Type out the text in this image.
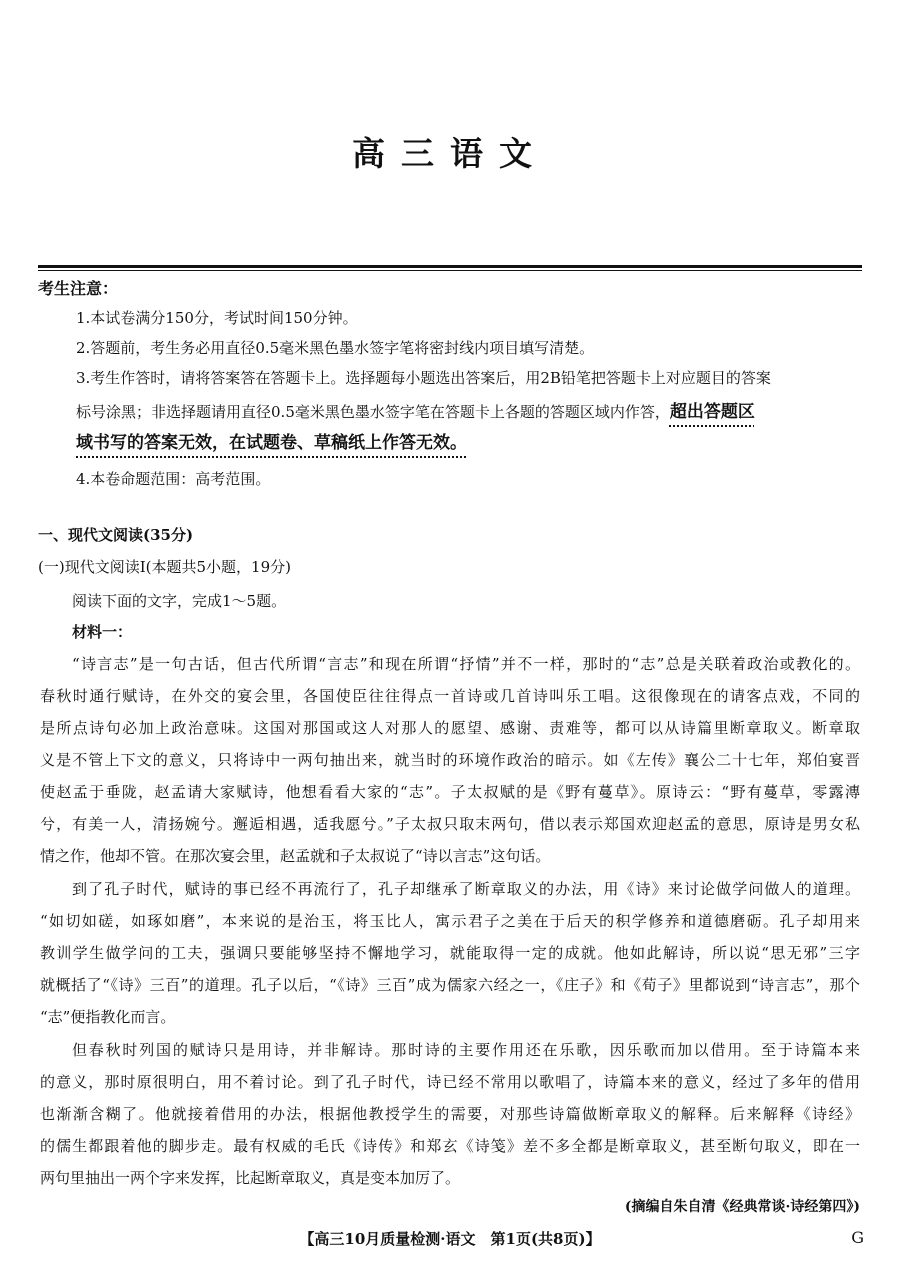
高三语文
考生注意：
1.本试卷满分150分，考试时间150分钟。
2.答题前，考生务必用直径0.5毫米黑色墨水签字笔将密封线内项目填写清楚。
3.考生作答时，请将答案答在答题卡上。选择题每小题选出答案后，用2B铅笔把答题卡上对应题目的答案
标号涂黑；非选择题请用直径0.5毫米黑色墨水签字笔在答题卡上各题的答题区域内作答，超出答题区
域书写的答案无效，在试题卷、草稿纸上作答无效。
4.本卷命题范围：高考范围。
一、现代文阅读(35分)
(一)现代文阅读Ⅰ(本题共5小题，19分)
阅读下面的文字，完成1～5题。
材料一：
“诗言志”是一句古话，但古代所谓“言志”和现在所谓“抒情”并不一样，那时的“志”总是关联着政治或教化的。
春秋时通行赋诗，在外交的宴会里，各国使臣往往得点一首诗或几首诗叫乐工唱。这很像现在的请客点戏，不同的
是所点诗句必加上政治意味。这国对那国或这人对那人的愿望、感谢、责难等，都可以从诗篇里断章取义。断章取
义是不管上下文的意义，只将诗中一两句抽出来，就当时的环境作政治的暗示。如《左传》襄公二十七年，郑伯宴晋
使赵孟于垂陇，赵孟请大家赋诗，他想看看大家的“志”。子太叔赋的是《野有蔓草》。原诗云：“野有蔓草，零露漙
兮，有美一人，清扬婉兮。邂逅相遇，适我愿兮。”子太叔只取末两句，借以表示郑国欢迎赵孟的意思，原诗是男女私
情之作，他却不管。在那次宴会里，赵孟就和子太叔说了“诗以言志”这句话。
到了孔子时代，赋诗的事已经不再流行了，孔子却继承了断章取义的办法，用《诗》来讨论做学问做人的道理。
“如切如磋，如琢如磨”，本来说的是治玉，将玉比人，寓示君子之美在于后天的积学修养和道德磨砺。孔子却用来
教训学生做学问的工夫，强调只要能够坚持不懈地学习，就能取得一定的成就。他如此解诗，所以说“思无邪”三字
就概括了“《诗》三百”的道理。孔子以后，“《诗》三百”成为儒家六经之一，《庄子》和《荀子》里都说到“诗言志”，那个
“志”便指教化而言。
但春秋时列国的赋诗只是用诗，并非解诗。那时诗的主要作用还在乐歌，因乐歌而加以借用。至于诗篇本来
的意义，那时原很明白，用不着讨论。到了孔子时代，诗已经不常用以歌唱了，诗篇本来的意义，经过了多年的借用
也渐渐含糊了。他就接着借用的办法，根据他教授学生的需要，对那些诗篇做断章取义的解释。后来解释《诗经》
的儒生都跟着他的脚步走。最有权威的毛氏《诗传》和郑玄《诗笺》差不多全都是断章取义，甚至断句取义，即在一
两句里抽出一两个字来发挥，比起断章取义，真是变本加厉了。
(摘编自朱自清《经典常谈·诗经第四》)
【高三10月质量检测·语文　第1页(共8页)】	G
